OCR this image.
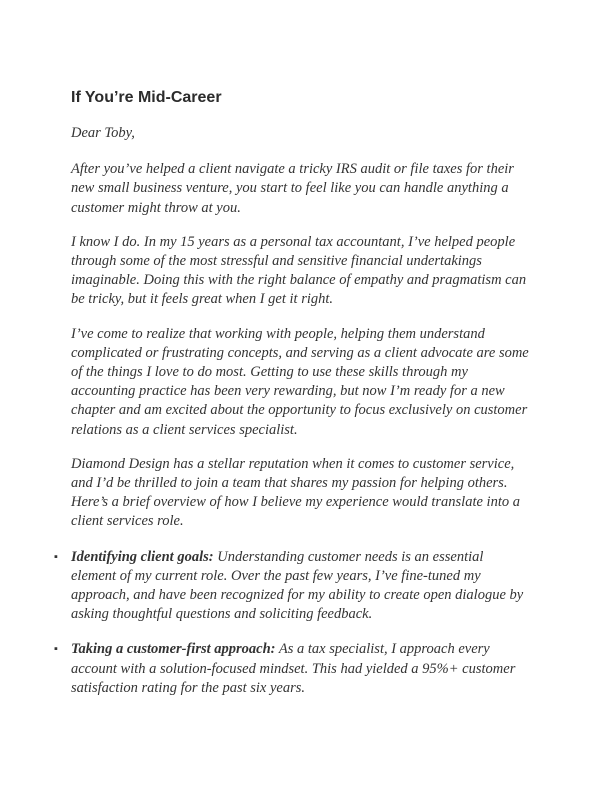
If You’re Mid-Career

Dear Toby,

After you’ve helped a client navigate a tricky IRS audit or file taxes for their new small business venture, you start to feel like you can handle anything a customer might throw at you.

I know I do. In my 15 years as a personal tax accountant, I’ve helped people through some of the most stressful and sensitive financial undertakings imaginable. Doing this with the right balance of empathy and pragmatism can be tricky, but it feels great when I get it right.

I’ve come to realize that working with people, helping them understand complicated or frustrating concepts, and serving as a client advocate are some of the things I love to do most. Getting to use these skills through my accounting practice has been very rewarding, but now I’m ready for a new chapter and am excited about the opportunity to focus exclusively on customer relations as a client services specialist.

Diamond Design has a stellar reputation when it comes to customer service, and I’d be thrilled to join a team that shares my passion for helping others. Here’s a brief overview of how I believe my experience would translate into a client services role.

▪ Identifying client goals: Understanding customer needs is an essential element of my current role. Over the past few years, I’ve fine-tuned my approach, and have been recognized for my ability to create open dialogue by asking thoughtful questions and soliciting feedback.
▪ Taking a customer-first approach: As a tax specialist, I approach every account with a solution-focused mindset. This had yielded a 95%+ customer satisfaction rating for the past six years.
